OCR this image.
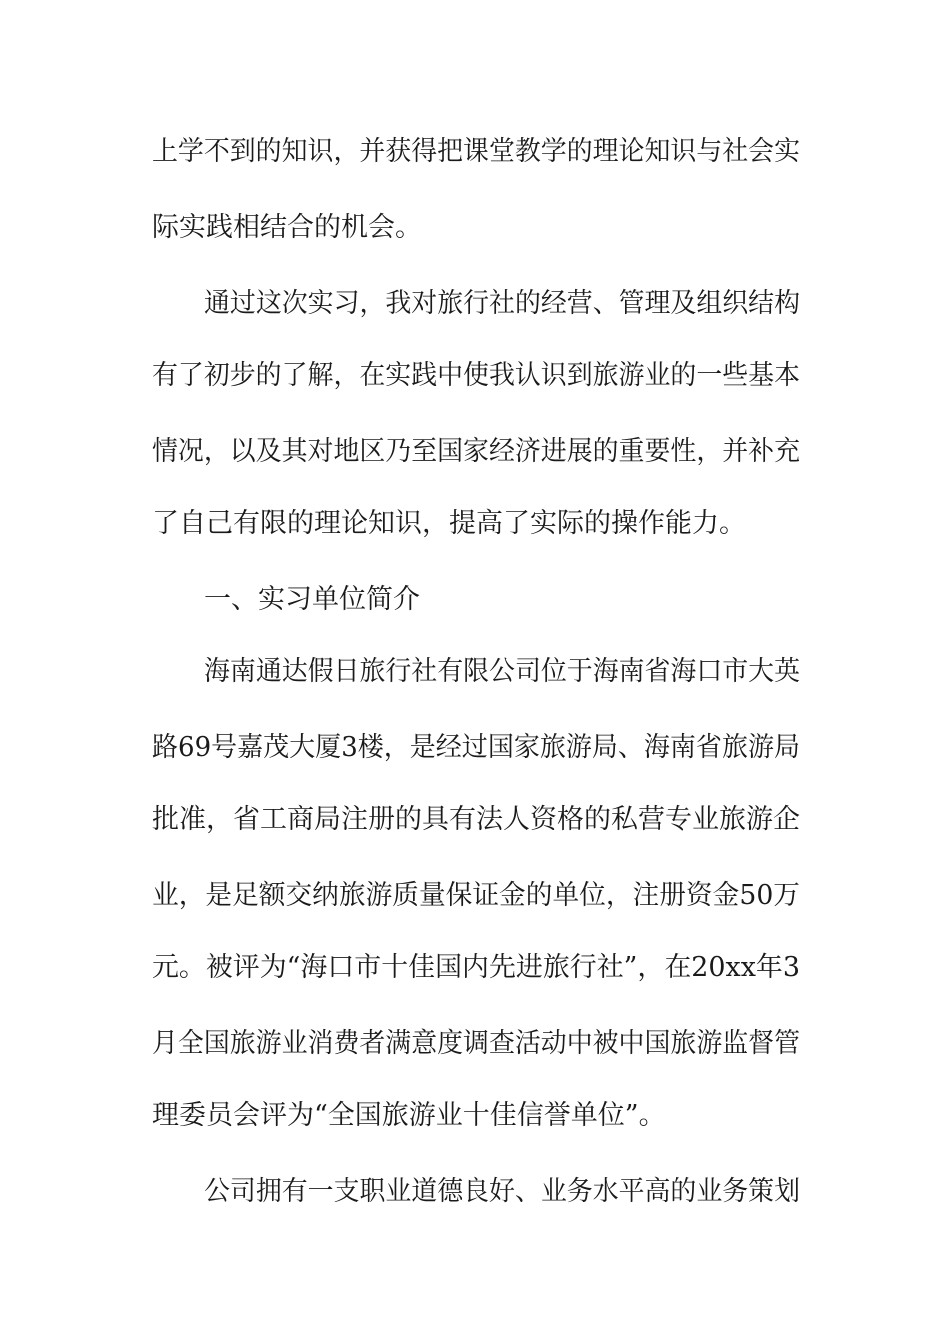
上学不到的知识，并获得把课堂教学的理论知识与社会实
际实践相结合的机会。
通过这次实习，我对旅行社的经营、管理及组织结构
有了初步的了解，在实践中使我认识到旅游业的一些基本
情况，以及其对地区乃至国家经济进展的重要性，并补充
了自己有限的理论知识，提高了实际的操作能力。
一、实习单位简介
海南通达假日旅行社有限公司位于海南省海口市大英
路69号嘉茂大厦3楼，是经过国家旅游局、海南省旅游局
批准，省工商局注册的具有法人资格的私营专业旅游企
业，是足额交纳旅游质量保证金的单位，注册资金50万
元。被评为“海口市十佳国内先进旅行社”，在20xx年3
月全国旅游业消费者满意度调查活动中被中国旅游监督管
理委员会评为“全国旅游业十佳信誉单位”。
公司拥有一支职业道德良好、业务水平高的业务策划
